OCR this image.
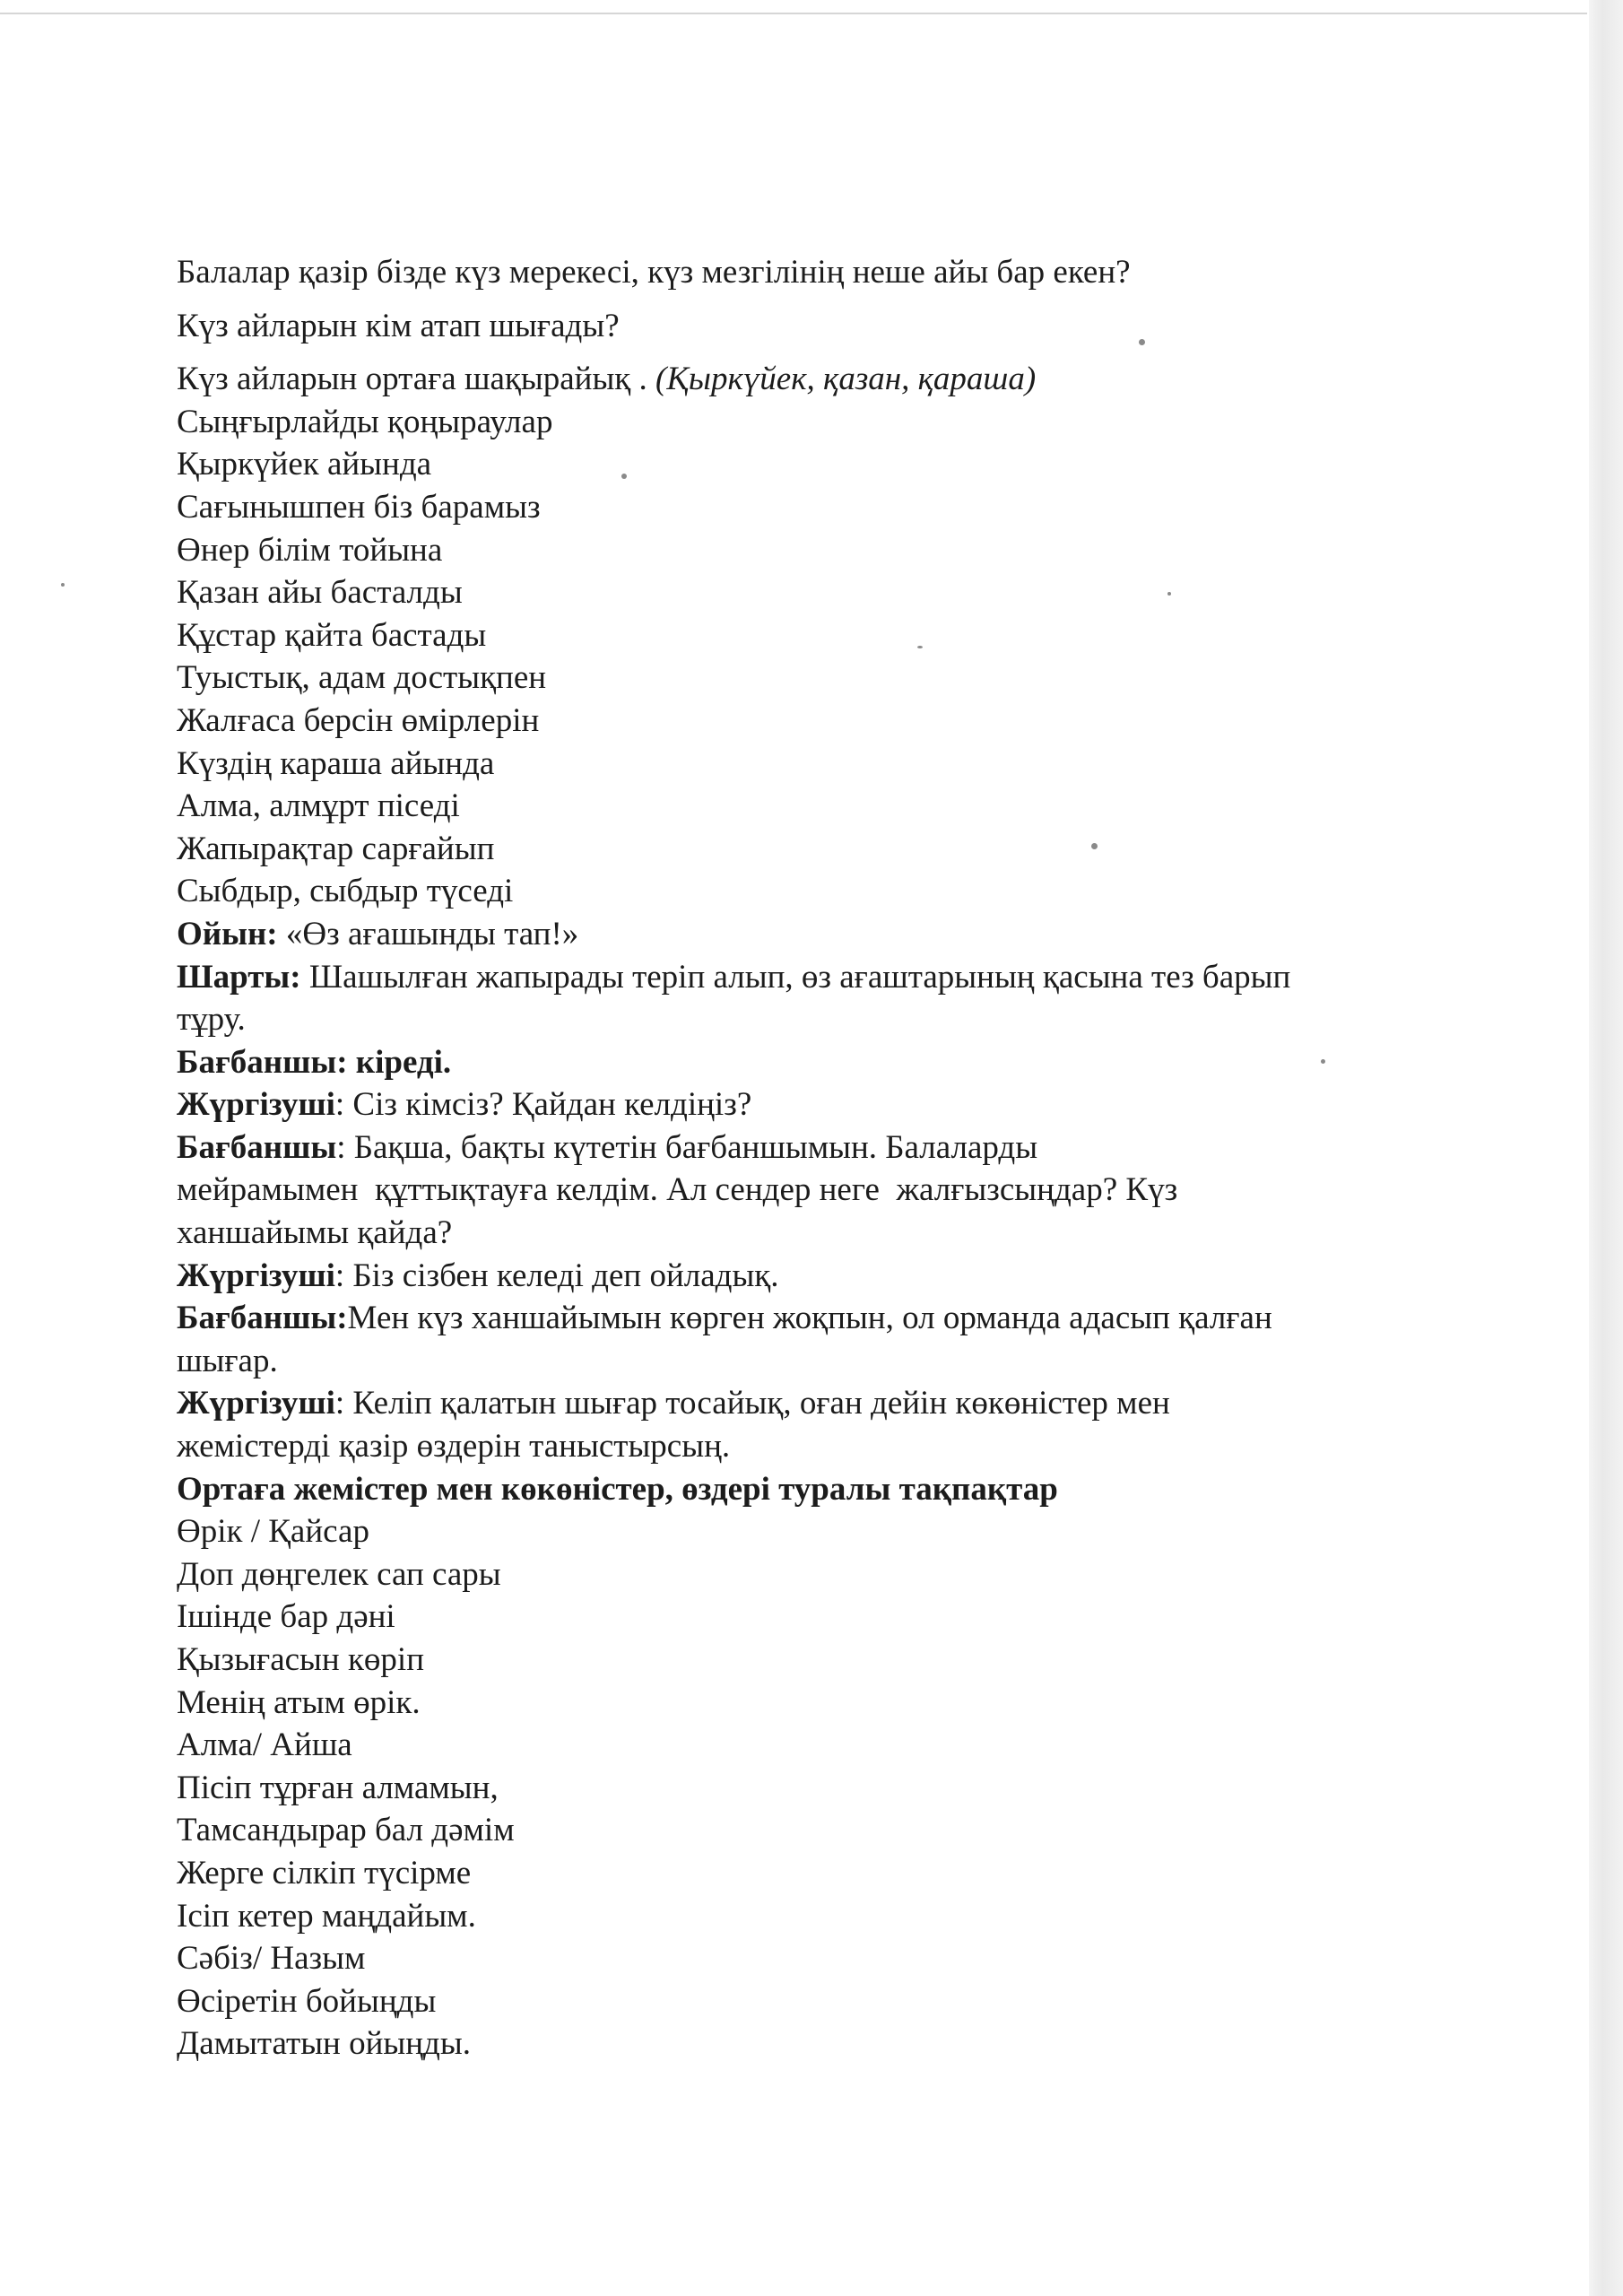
Балалар қазір бізде күз мерекесі, күз мезгілінің неше айы бар екен?
Күз айларын кім атап шығады?
Күз айларын ортаға шақырайық . (Қыркүйек, қазан, қараша)
Сыңғырлайды қоңыраулар
Қыркүйек айында
Сағынышпен біз барамыз
Өнер білім тойына
Қазан айы басталды
Құстар қайта бастады
Туыстық, адам достықпен
Жалғаса берсін өмірлерін
Күздің караша айында
Алма, алмұрт піседі
Жапырақтар сарғайып
Сыбдыр, сыбдыр түседі
Ойын: «Өз ағашынды тап!»
Шарты: Шашылған жапырады теріп алып, өз ағаштарының қасына тез барып
тұру.
Бағбаншы: кіреді.
Жүргізуші: Сіз кімсіз? Қайдан келдіңіз?
Бағбаншы: Бақша, бақты күтетін бағбаншымын. Балаларды
мейрамымен  құттықтауға келдім. Ал сендер неге  жалғызсыңдар? Күз
ханшайымы қайда?
Жүргізуші: Біз сізбен келеді деп ойладық.
Бағбаншы:Мен күз ханшайымын көрген жоқпын, ол орманда адасып қалған
шығар.
Жүргізуші: Келіп қалатын шығар тосайық, оған дейін көкөністер мен
жемістерді қазір өздерін таныстырсың.
Ортаға жемістер мен көкөністер, өздері туралы тақпақтар
Өрік / Қайсар
Доп дөңгелек сап сары
Ішінде бар дәні
Қызығасын көріп
Менің атым өрік.
Алма/ Айша
Пісіп тұрған алмамын,
Тамсандырар бал дәмім
Жерге сілкіп түсірме
Ісіп кетер маңдайым.
Сәбіз/ Назым
Өсіретін бойыңды
Дамытатын ойыңды.
